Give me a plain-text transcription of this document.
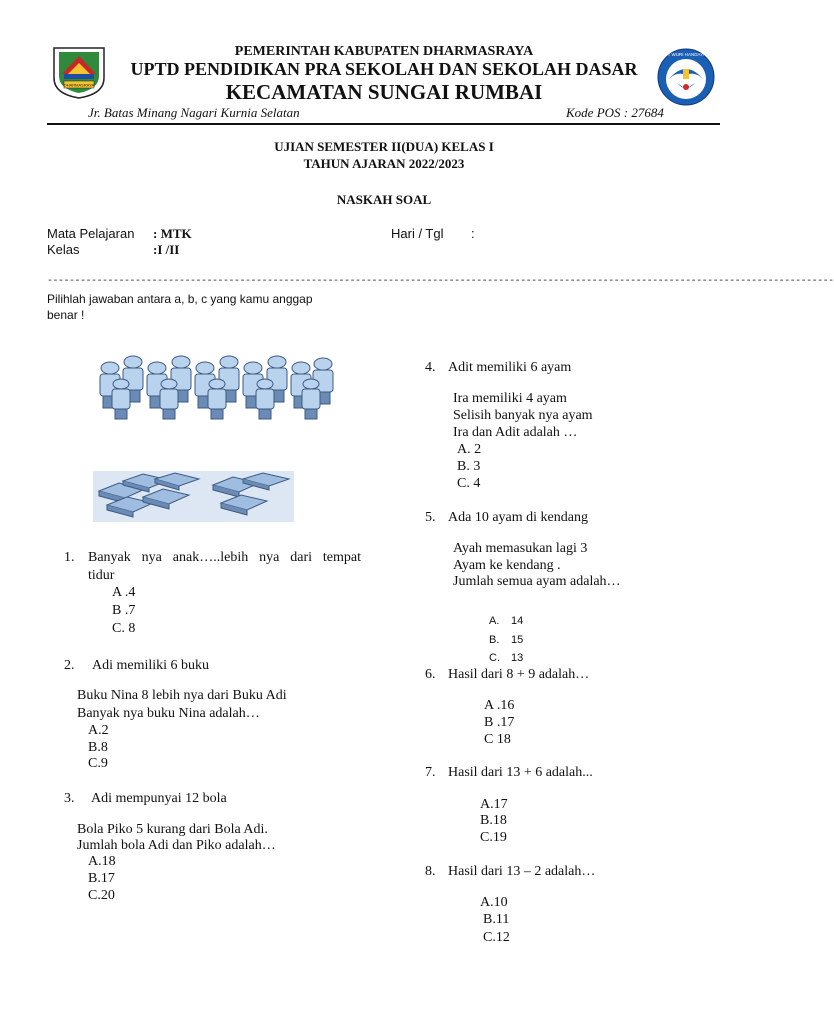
DHARMASRAYA
TUT WURI HANDAYANI
PEMERINTAH KABUPATEN DHARMASRAYA
UPTD PENDIDIKAN PRA SEKOLAH DAN SEKOLAH DASAR
KECAMATAN SUNGAI RUMBAI
Jr. Batas Minang Nagari Kurnia Selatan	Kode POS : 27684
UJIAN SEMESTER II(DUA) KELAS I
TAHUN AJARAN 2022/2023
NASKAH SOAL
Mata Pelajaran : MTK
Kelas	:I /II
Hari / Tgl :
-----------------------------------------------------------------------------------------------------------------------------------------------
Pilihlah jawaban antara a, b, c yang kamu anggap
benar !
1. Banyak nya anak…..lebih nya dari tempat
tidur
A .4
B .7
C. 8
2. Adi memiliki 6 buku
Buku Nina 8 lebih nya dari Buku Adi
Banyak nya buku Nina adalah…
A.2
B.8
C.9
3. Adi mempunyai 12 bola
Bola Piko 5 kurang dari Bola Adi.
Jumlah bola Adi dan Piko adalah…
A.18
B.17
C.20
4. Adit memiliki 6 ayam
Ira memiliki 4 ayam
Selisih banyak nya ayam
Ira dan Adit adalah …
A. 2
B. 3
C. 4
5. Ada 10 ayam di kendang
Ayah memasukan lagi 3
Ayam ke kendang .
Jumlah semua ayam adalah…
A. 14
B. 15
C. 13
6. Hasil dari 8 + 9 adalah…
A .16
B .17
C 18
7. Hasil dari 13 + 6 adalah...
A.17
B.18
C.19
8. Hasil dari 13 – 2 adalah…
A.10
B.11
C.12
